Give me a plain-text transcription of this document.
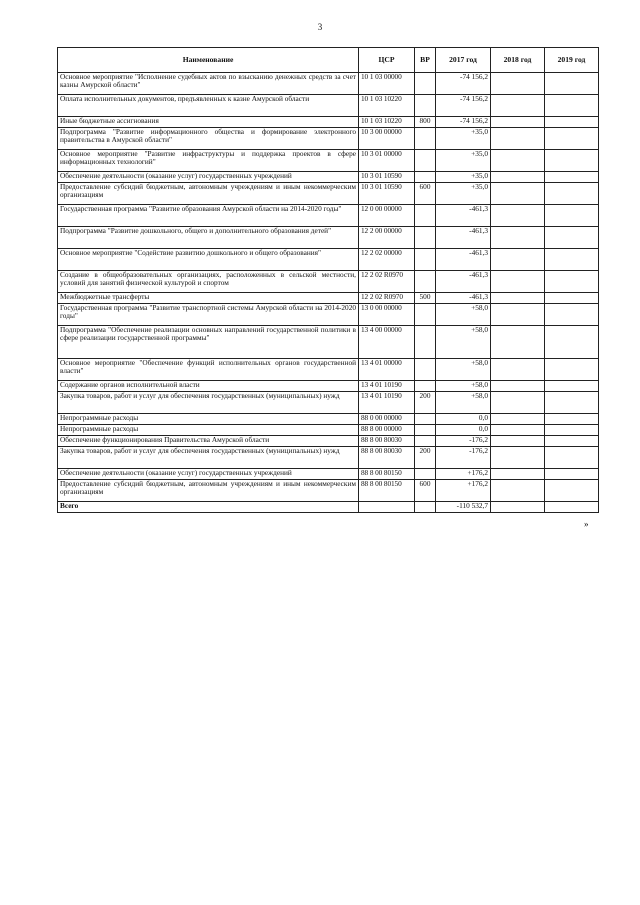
3
Наименование	ЦСР	ВР	2017 год	2018 год	2019 год
Основное мероприятие "Исполнение судебных актов по взысканию денежных средств за счет казны Амурской области"	10 1 03 00000		-74 156,2		
Оплата исполнительных документов, предъявленных к казне Амурской области	10 1 03 10220		-74 156,2		
Иные бюджетные ассигнования	10 1 03 10220	800	-74 156,2		
Подпрограмма "Развитие информационного общества и формирование электронного правительства в Амурской области"	10 3 00 00000		+35,0		
Основное мероприятие "Развитие инфраструктуры и поддержка проектов в сфере информационных технологий"	10 3 01 00000		+35,0		
Обеспечение деятельности (оказание услуг) государственных учреждений	10 3 01 10590		+35,0		
Предоставление субсидий бюджетным, автономным учреждениям и иным некоммерческим организациям	10 3 01 10590	600	+35,0		
Государственная программа "Развитие образования Амурской области на 2014-2020 годы"	12 0 00 00000		-461,3		
Подпрограмма "Развитие дошкольного, общего и дополнительного образования детей"	12 2 00 00000		-461,3		
Основное мероприятие "Содействие развитию дошкольного и общего образования"	12 2 02 00000		-461,3		
Создание в общеобразовательных организациях, расположенных в сельской местности, условий для занятий физической культурой и спортом	12 2 02 R0970		-461,3		
Межбюджетные трансферты	12 2 02 R0970	500	-461,3		
Государственная программа "Развитие транспортной системы Амурской области на 2014-2020 годы"	13 0 00 00000		+58,0		
Подпрограмма "Обеспечение реализации основных направлений государственной политики в сфере реализации государственной программы"	13 4 00 00000		+58,0		
Основное мероприятие "Обеспечение функций исполнительных органов государственной власти"	13 4 01 00000		+58,0		
Содержание органов исполнительной власти	13 4 01 10190		+58,0		
Закупка товаров, работ и услуг для обеспечения государственных (муниципальных) нужд	13 4 01 10190	200	+58,0		
Непрограммные расходы	88 0 00 00000		0,0		
Непрограммные расходы	88 8 00 00000		0,0		
Обеспечение функционирования Правительства Амурской области	88 8 00 80030		-176,2		
Закупка товаров, работ и услуг для обеспечения государственных (муниципальных) нужд	88 8 00 80030	200	-176,2		
Обеспечение деятельности (оказание услуг) государственных учреждений	88 8 00 80150		+176,2		
Предоставление субсидий бюджетным, автономным учреждениям и иным некоммерческим организациям	88 8 00 80150	600	+176,2		
Всего			-110 532,7		
»
